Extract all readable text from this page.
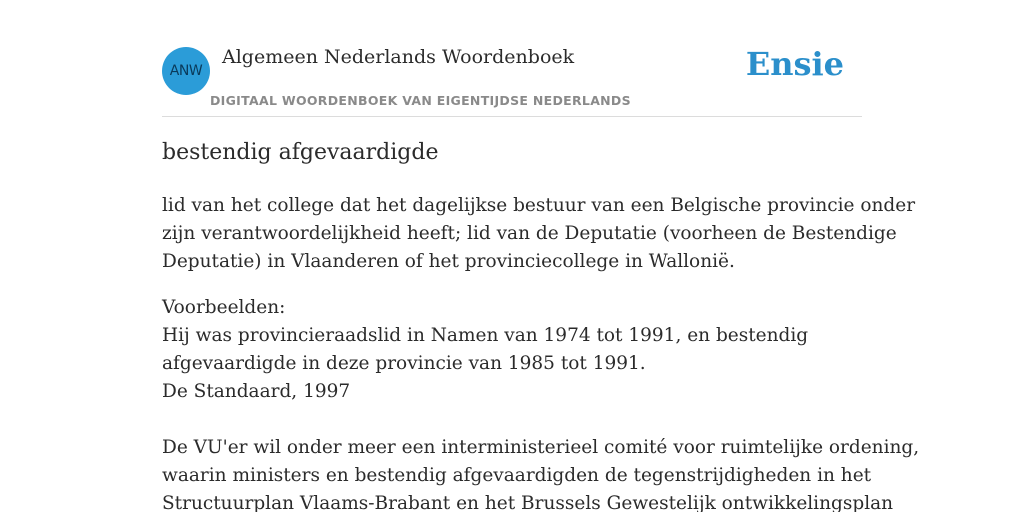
ANW
Algemeen Nederlands Woordenboek
DIGITAAL WOORDENBOEK VAN EIGENTIJDSE NEDERLANDS
Ensie
bestendig afgevaardigde

lid van het college dat het dagelijkse bestuur van een Belgische provincie onder
zijn verantwoordelijkheid heeft; lid van de Deputatie (voorheen de Bestendige
Deputatie) in Vlaanderen of het provinciecollege in Wallonië.

Voorbeelden:
Hij was provincieraadslid in Namen van 1974 tot 1991, en bestendig
afgevaardigde in deze provincie van 1985 tot 1991.
De Standaard, 1997
De VU'er wil onder meer een interministerieel comité voor ruimtelijke ordening,
waarin ministers en bestendig afgevaardigden de tegenstrijdigheden in het
Structuurplan Vlaams-Brabant en het Brussels Gewestelijk ontwikkelingsplan
